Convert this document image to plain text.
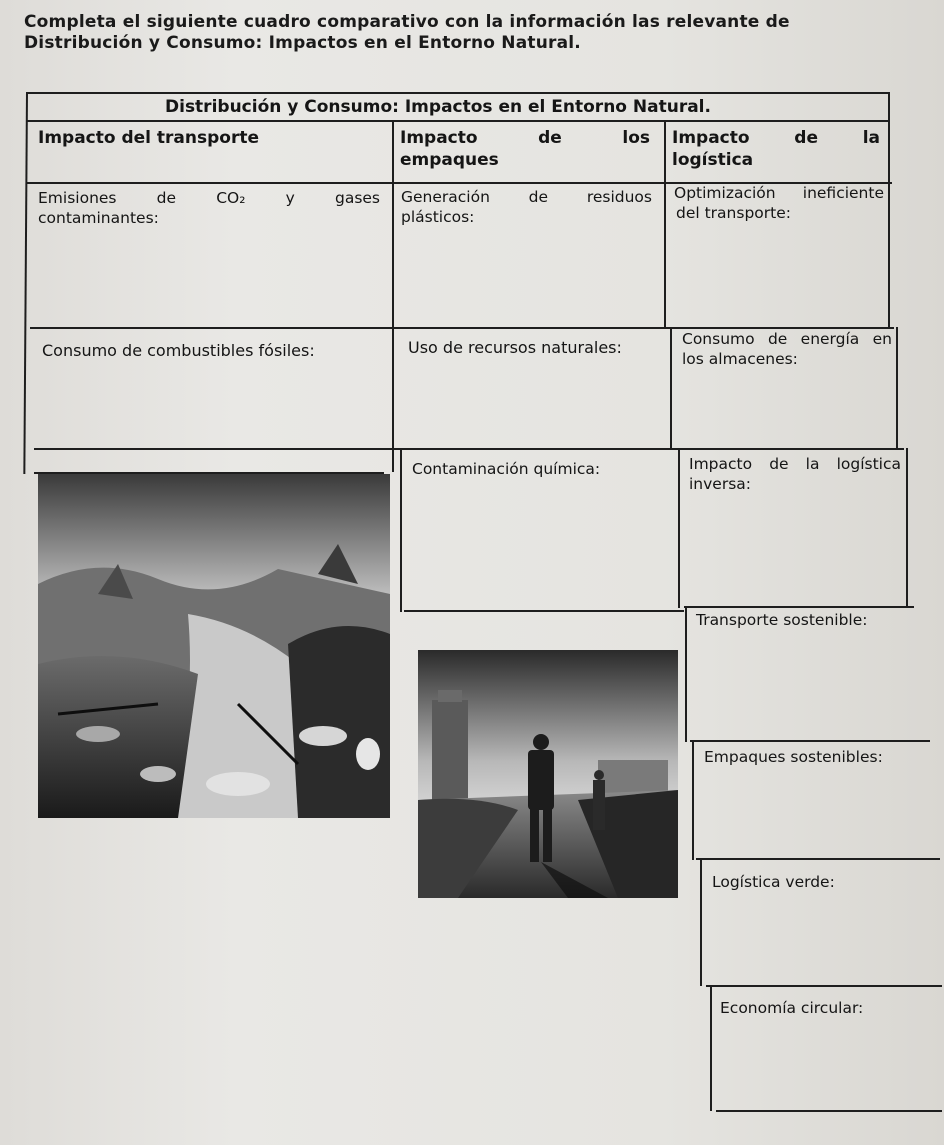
Completa el siguiente cuadro comparativo con la información las relevante de
Distribución y Consumo: Impactos en el Entorno Natural.
Distribución y Consumo: Impactos en el Entorno Natural.
Impacto del transporte	Impacto de los
empaques
Impacto de la
logística
Emisiones de CO₂ y gases
contaminantes:
Consumo de combustibles fósiles:
Generación de residuos
plásticos:
Uso de recursos naturales:
Contaminación química:
Optimización ineficiente
del transporte:
Consumo de energía en
los almacenes:
Impacto de la logística
inversa:
Transporte sostenible:
Empaques sostenibles:
Logística verde:
Economía circular:
